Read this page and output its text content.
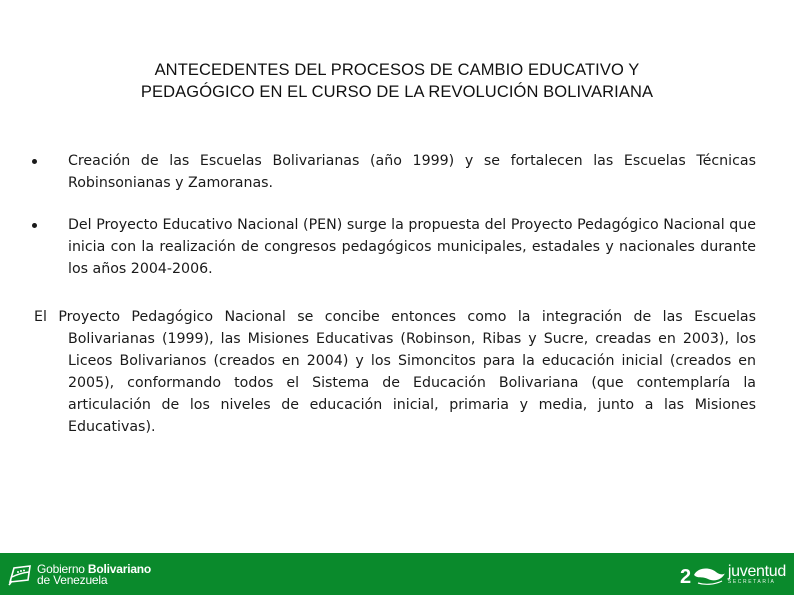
ANTECEDENTES DEL PROCESOS DE CAMBIO EDUCATIVO Y
PEDAGÓGICO EN EL CURSO DE LA REVOLUCIÓN BOLIVARIANA
Creación de las Escuelas Bolivarianas (año 1999) y se fortalecen las Escuelas Técnicas Robinsonianas y Zamoranas.
Del Proyecto Educativo Nacional (PEN) surge la propuesta del Proyecto Pedagógico Nacional que inicia con la realización de congresos pedagógicos municipales, estadales y nacionales durante los años 2004-2006.
El Proyecto Pedagógico Nacional se concibe entonces como la integración de las Escuelas Bolivarianas (1999), las Misiones Educativas (Robinson, Ribas y Sucre, creadas en 2003), los Liceos Bolivarianos (creados en 2004) y los Simoncitos para la educación inicial (creados en 2005), conformando todos el Sistema de Educación Bolivariana (que contemplaría la articulación de los niveles de educación inicial, primaria y media, junto a las Misiones Educativas).
Gobierno Bolivariano
de Venezuela	2 juventud
SECRETARÍA
